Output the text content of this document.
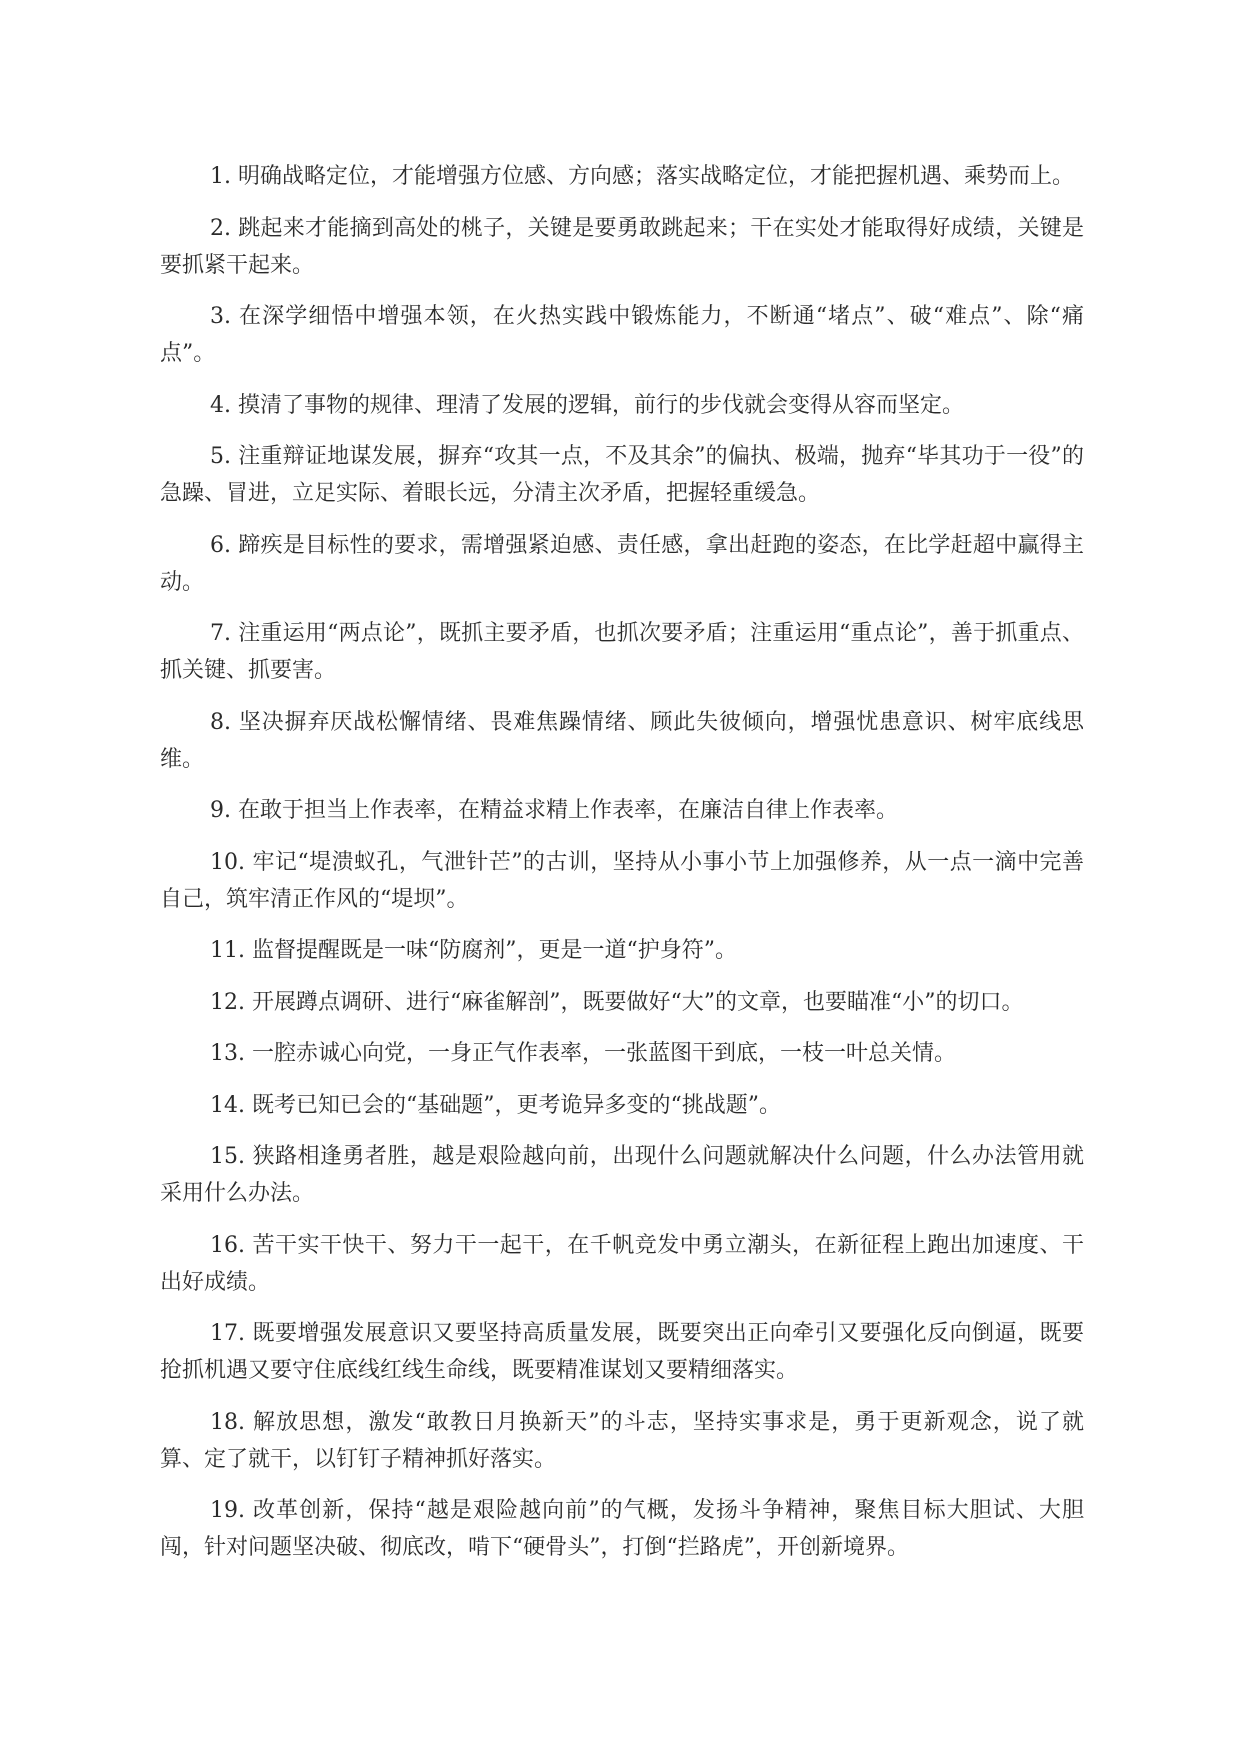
1. 明确战略定位，才能增强方位感、方向感；落实战略定位，才能把握机遇、乘势而上。

2. 跳起来才能摘到高处的桃子，关键是要勇敢跳起来；干在实处才能取得好成绩，关键是要抓紧干起来。

3. 在深学细悟中增强本领，在火热实践中锻炼能力，不断通“堵点”、破“难点”、除“痛点”。

4. 摸清了事物的规律、理清了发展的逻辑，前行的步伐就会变得从容而坚定。

5. 注重辩证地谋发展，摒弃“攻其一点，不及其余”的偏执、极端，抛弃“毕其功于一役”的急躁、冒进，立足实际、着眼长远，分清主次矛盾，把握轻重缓急。

6. 蹄疾是目标性的要求，需增强紧迫感、责任感，拿出赶跑的姿态，在比学赶超中赢得主动。

7. 注重运用“两点论”，既抓主要矛盾，也抓次要矛盾；注重运用“重点论”，善于抓重点、抓关键、抓要害。

8. 坚决摒弃厌战松懈情绪、畏难焦躁情绪、顾此失彼倾向，增强忧患意识、树牢底线思维。

9. 在敢于担当上作表率，在精益求精上作表率，在廉洁自律上作表率。

10. 牢记“堤溃蚁孔，气泄针芒”的古训，坚持从小事小节上加强修养，从一点一滴中完善自己，筑牢清正作风的“堤坝”。

11. 监督提醒既是一味“防腐剂”，更是一道“护身符”。

12. 开展蹲点调研、进行“麻雀解剖”，既要做好“大”的文章，也要瞄准“小”的切口。

13. 一腔赤诚心向党，一身正气作表率，一张蓝图干到底，一枝一叶总关情。

14. 既考已知已会的“基础题”，更考诡异多变的“挑战题”。

15. 狭路相逢勇者胜，越是艰险越向前，出现什么问题就解决什么问题，什么办法管用就采用什么办法。

16. 苦干实干快干、努力干一起干，在千帆竞发中勇立潮头，在新征程上跑出加速度、干出好成绩。

17. 既要增强发展意识又要坚持高质量发展，既要突出正向牵引又要强化反向倒逼，既要抢抓机遇又要守住底线红线生命线，既要精准谋划又要精细落实。

18. 解放思想，激发“敢教日月换新天”的斗志，坚持实事求是，勇于更新观念，说了就算、定了就干，以钉钉子精神抓好落实。

19. 改革创新，保持“越是艰险越向前”的气概，发扬斗争精神，聚焦目标大胆试、大胆闯，针对问题坚决破、彻底改，啃下“硬骨头”，打倒“拦路虎”，开创新境界。
